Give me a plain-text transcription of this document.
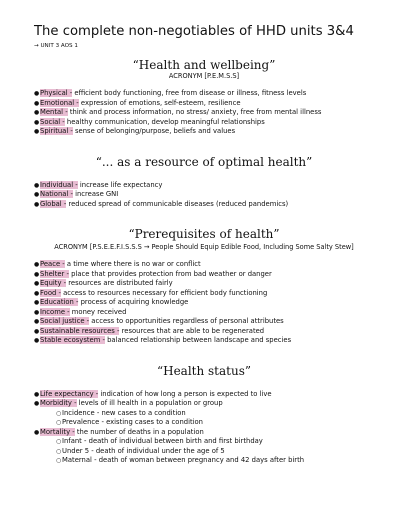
The complete non-negotiables of HHD units 3&4
→ UNIT 3 AOS 1
“Health and wellbeing”
ACRONYM [P.E.M.S.S]
● Physical - efficient body functioning, free from disease or illness, fitness levels
● Emotional - expression of emotions, self-esteem, resilience
● Mental - think and process information, no stress/ anxiety, free from mental illness
● Social - healthy communication, develop meaningful relationships
● Spiritual - sense of belonging/purpose, beliefs and values
“... as a resource of optimal health”
● Individual - increase life expectancy
● National - increase GNI
● Global - reduced spread of communicable diseases (reduced pandemics)
“Prerequisites of health”
ACRONYM [P.S.E.E.F.I.S.S.S → People Should Equip Edible Food, Including Some Salty Stew]
● Peace - a time where there is no war or conflict
● Shelter - place that provides protection from bad weather or danger
● Equity - resources are distributed fairly
● Food - access to resources necessary for efficient body functioning
● Education - process of acquiring knowledge
● Income - money received
● Social justice - access to opportunities regardless of personal attributes
● Sustainable resources - resources that are able to be regenerated
● Stable ecosystem - balanced relationship between landscape and species
“Health status”
● Life expectancy - indication of how long a person is expected to live
● Morbidity - levels of ill health in a population or group
○ Incidence - new cases to a condition
○ Prevalence - existing cases to a condition
● Mortality - the number of deaths in a population
○ Infant - death of individual between birth and first birthday
○ Under 5 - death of individual under the age of 5
○ Maternal - death of woman between pregnancy and 42 days after birth
